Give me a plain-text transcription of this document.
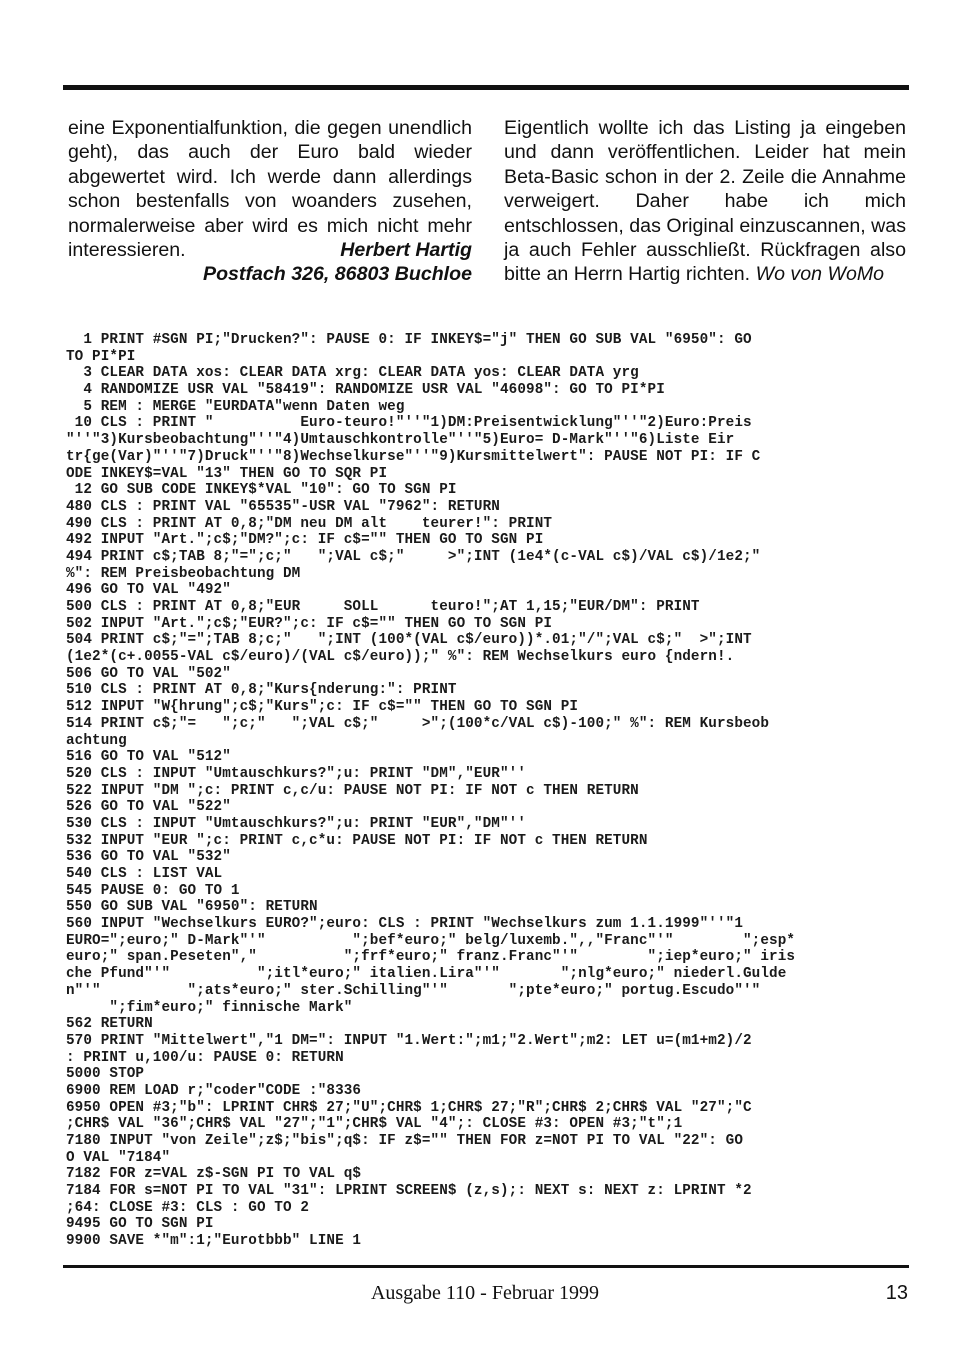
eine Exponentialfunktion, die gegen unendlich geht), das auch der Euro bald wieder abgewertet wird. Ich werde dann allerdings schon bestenfalls von woanders zusehen, normalerweise aber wird es mich nicht mehr interessieren.	Herbert Hartig
Postfach 326, 86803 Buchloe

Eigentlich wollte ich das Listing ja eingeben und dann veröffentlichen. Leider hat mein Beta-Basic schon in der 2. Zeile die Annahme verweigert. Daher habe ich mich entschlossen, das Original einzuscannen, was ja auch Fehler ausschließt. Rückfragen also bitte an Herrn Hartig richten. Wo von WoMo

1 PRINT #SGN PI;"Drucken?": PAUSE 0: IF INKEY$="j" THEN GO SUB VAL "6950": GO
TO PI*PI
3 CLEAR DATA xos: CLEAR DATA xrg: CLEAR DATA yos: CLEAR DATA yrg
4 RANDOMIZE USR VAL "58419": RANDOMIZE USR VAL "46098": GO TO PI*PI
5 REM : MERGE "EURDATA"wenn Daten weg
10 CLS : PRINT "          Euro-teuro!"''"1)DM:Preisentwicklung"''"2)Euro:Preis
"''"3)Kursbeobachtung"''"4)Umtauschkontrolle"''"5)Euro= D-Mark"''"6)Liste Eir
tr{ge(Var)"''"7)Druck"''"8)Wechselkurse"''"9)Kursmittelwert": PAUSE NOT PI: IF C
ODE INKEY$=VAL "13" THEN GO TO SQR PI
12 GO SUB CODE INKEY$*VAL "10": GO TO SGN PI
480 CLS : PRINT VAL "65535"-USR VAL "7962": RETURN
490 CLS : PRINT AT 0,8;"DM neu DM alt    teurer!": PRINT
492 INPUT "Art.";c$;"DM?";c: IF c$="" THEN GO TO SGN PI
494 PRINT c$;TAB 8;"=";c;"   ";VAL c$;"     >";INT (1e4*(c-VAL c$)/VAL c$)/1e2;"
%": REM Preisbeobachtung DM
496 GO TO VAL "492"
500 CLS : PRINT AT 0,8;"EUR     SOLL      teuro!";AT 1,15;"EUR/DM": PRINT
502 INPUT "Art.";c$;"EUR?";c: IF c$="" THEN GO TO SGN PI
504 PRINT c$;"=";TAB 8;c;"   ";INT (100*(VAL c$/euro))*.01;"/";VAL c$;"  >";INT
(1e2*(c+.0055-VAL c$/euro)/(VAL c$/euro));" %": REM Wechselkurs euro {ndern!.
506 GO TO VAL "502"
510 CLS : PRINT AT 0,8;"Kurs{nderung:": PRINT
512 INPUT "W{hrung";c$;"Kurs";c: IF c$="" THEN GO TO SGN PI
514 PRINT c$;"=   ";c;"   ";VAL c$;"     >";(100*c/VAL c$)-100;" %": REM Kursbeob
achtung
516 GO TO VAL "512"
520 CLS : INPUT "Umtauschkurs?";u: PRINT "DM","EUR"''
522 INPUT "DM ";c: PRINT c,c/u: PAUSE NOT PI: IF NOT c THEN RETURN
526 GO TO VAL "522"
530 CLS : INPUT "Umtauschkurs?";u: PRINT "EUR","DM"''
532 INPUT "EUR ";c: PRINT c,c*u: PAUSE NOT PI: IF NOT c THEN RETURN
536 GO TO VAL "532"
540 CLS : LIST VAL
545 PAUSE 0: GO TO 1
550 GO SUB VAL "6950": RETURN
560 INPUT "Wechselkurs EURO?";euro: CLS : PRINT "Wechselkurs zum 1.1.1999"''"1
EURO=";euro;" D-Mark"'"          ";bef*euro;" belg/luxemb.",,"Franc"'"        ";esp*
euro;" span.Peseten","          ";frf*euro;" franz.Franc"'"        ";iep*euro;" iris
che Pfund"'"          ";itl*euro;" italien.Lira"'"       ";nlg*euro;" niederl.Gulde
n"'"          ";ats*euro;" ster.Schilling"'"       ";pte*euro;" portug.Escudo"'"
";fim*euro;" finnische Mark"
562 RETURN
570 PRINT "Mittelwert","1 DM=": INPUT "1.Wert:";m1;"2.Wert";m2: LET u=(m1+m2)/2
: PRINT u,100/u: PAUSE 0: RETURN
5000 STOP
6900 REM LOAD r;"coder"CODE :"8336
6950 OPEN #3;"b": LPRINT CHR$ 27;"U";CHR$ 1;CHR$ 27;"R";CHR$ 2;CHR$ VAL "27";"C
;CHR$ VAL "36";CHR$ VAL "27";"1";CHR$ VAL "4";: CLOSE #3: OPEN #3;"t";1
7180 INPUT "von Zeile";z$;"bis";q$: IF z$="" THEN FOR z=NOT PI TO VAL "22": GO
O VAL "7184"
7182 FOR z=VAL z$-SGN PI TO VAL q$
7184 FOR s=NOT PI TO VAL "31": LPRINT SCREEN$ (z,s);: NEXT s: NEXT z: LPRINT *2
;64: CLOSE #3: CLS : GO TO 2
9495 GO TO SGN PI
9900 SAVE *"m":1;"Eurotbbb" LINE 1
Ausgabe 110 - Februar 1999	13
